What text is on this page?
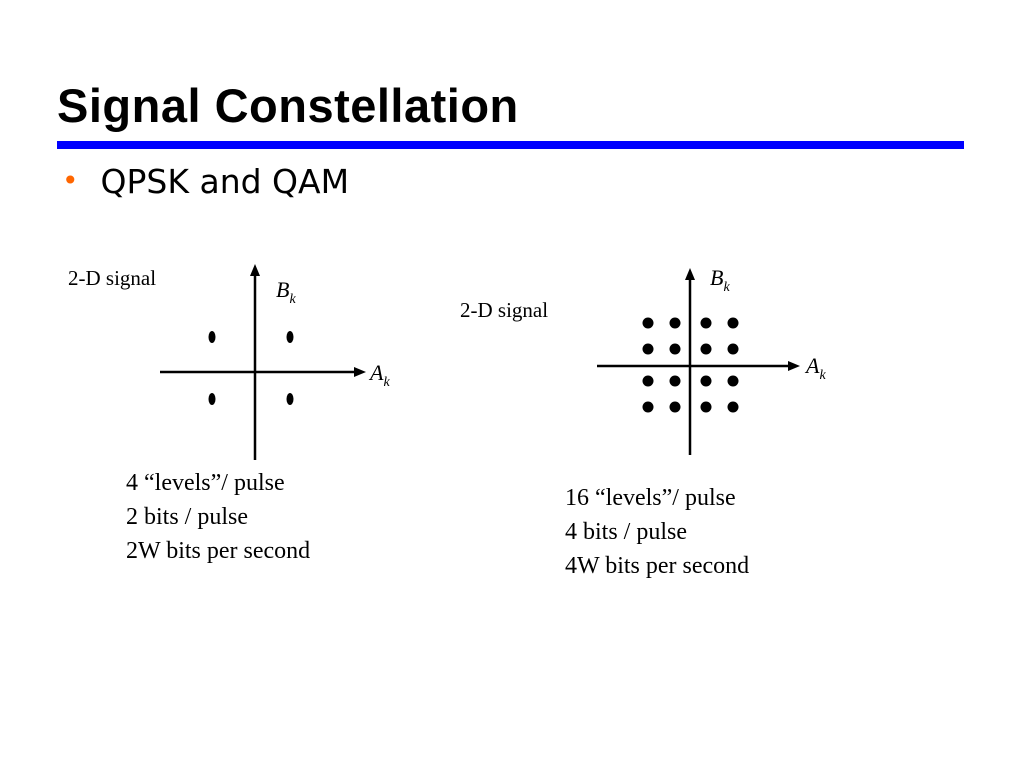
Signal Constellation
• QPSK and QAM
2-D signal	$B_k$
$A_k$
2-D signal
$B_k$
$A_k$
4 “levels”/ pulse
2 bits / pulse
2W bits per second
16 “levels”/ pulse
4 bits / pulse
4W bits per second
